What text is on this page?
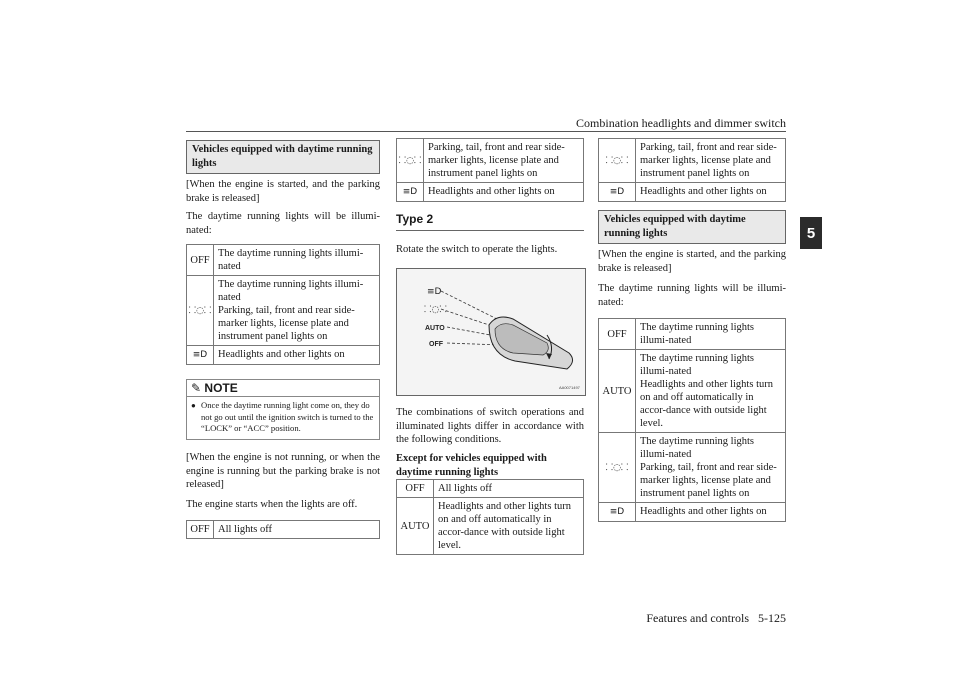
Combination headlights and dimmer switch
5
Features and controls 5-125
Vehicles equipped with daytime running lights
[When the engine is started, and the parking brake is released]
The daytime running lights will be illumi-nated:
OFF	The daytime running lights illumi-nated
⸬◌⸬	The daytime running lights illumi-nated
Parking, tail, front and rear side-marker lights, license plate and instrument panel lights on
≡D	Headlights and other lights on
✎ NOTE
● Once the daytime running light come on, they do not go out until the ignition switch is turned to the “LOCK” or “ACC” position.
[When the engine is not running, or when the engine is running but the parking brake is not released]
The engine starts when the lights are off.
OFF	All lights off
⸬◌⸬	Parking, tail, front and rear side-marker lights, license plate and instrument panel lights on
≡D	Headlights and other lights on
Type 2
Rotate the switch to operate the lights.
≡D
⸬◌⸬
AUTO
OFF
AA0071497
The combinations of switch operations and illuminated lights differ in accordance with the following conditions.
Except for vehicles equipped with daytime running lights
OFF	All lights off
AUTO	Headlights and other lights turn on and off automatically in accor-dance with outside light level.
⸬◌⸬	Parking, tail, front and rear side-marker lights, license plate and instrument panel lights on
≡D	Headlights and other lights on
Vehicles equipped with daytime running lights
[When the engine is started, and the parking brake is released]
The daytime running lights will be illumi-nated:
OFF	The daytime running lights illumi-nated
AUTO	The daytime running lights illumi-nated
Headlights and other lights turn on and off automatically in accor-dance with outside light level.
⸬◌⸬	The daytime running lights illumi-nated
Parking, tail, front and rear side-marker lights, license plate and instrument panel lights on
≡D	Headlights and other lights on
